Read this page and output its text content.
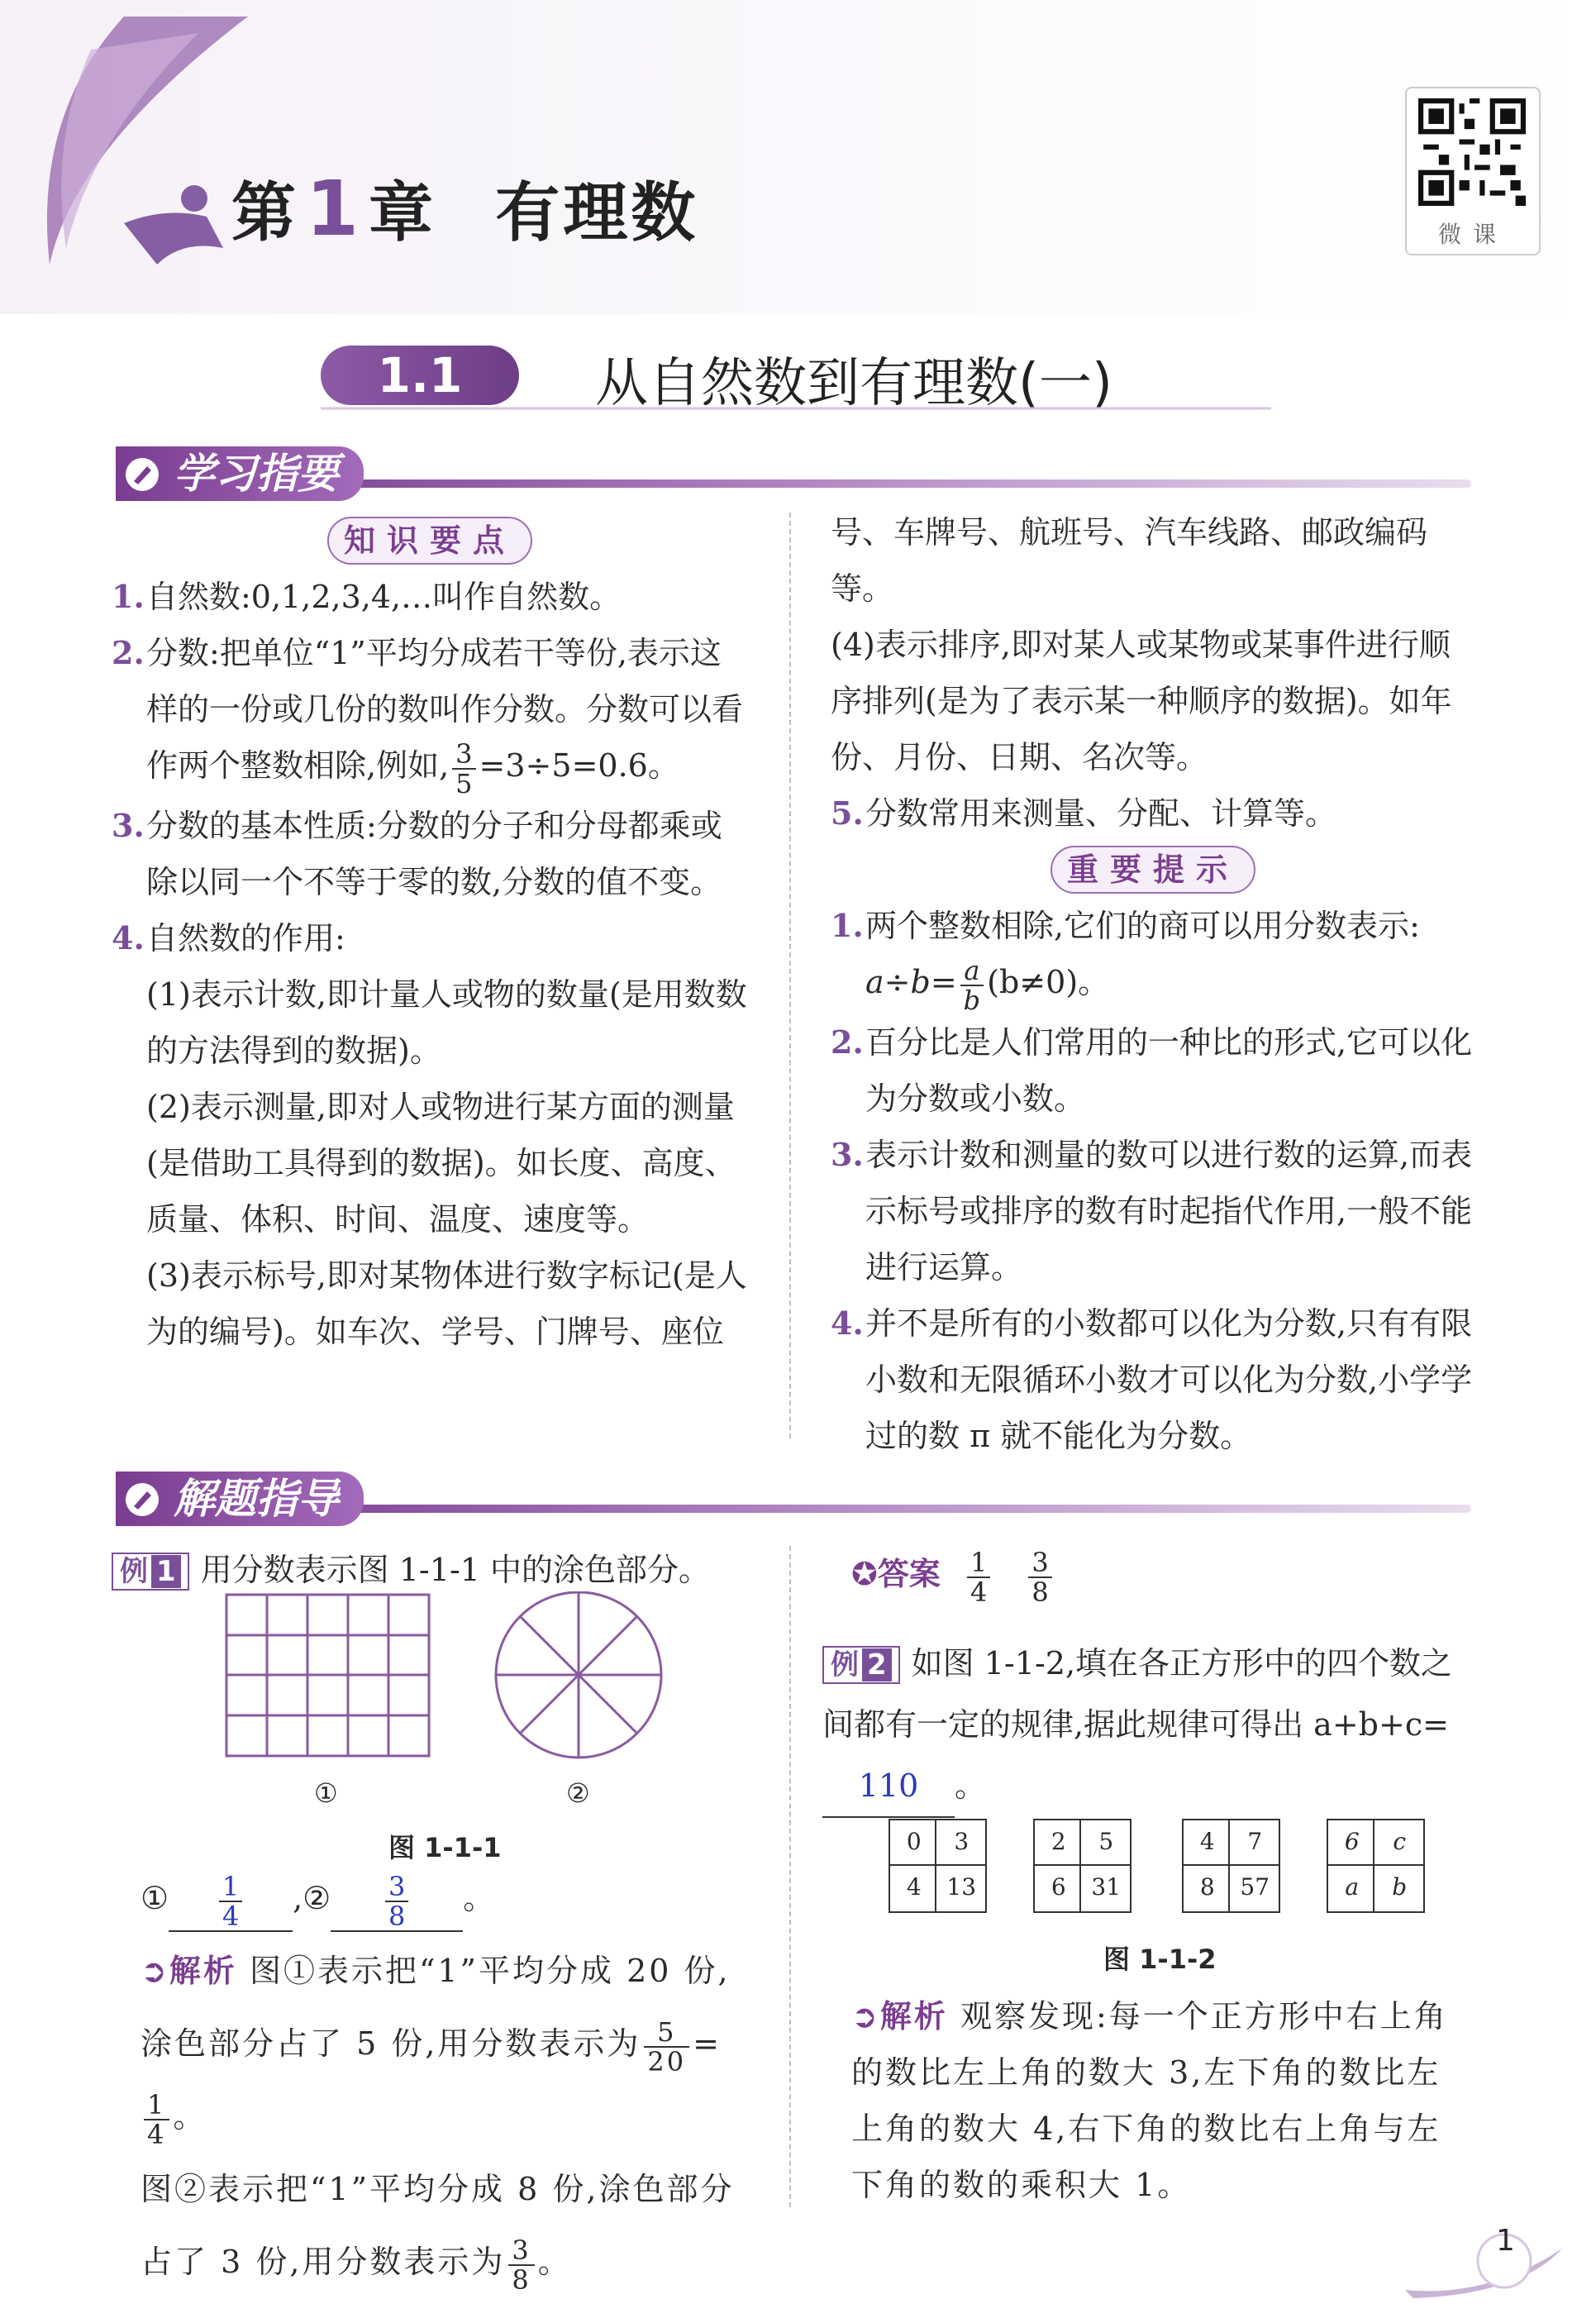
第1 章 有理数	微课
1.1	从自然数到有理数(一)
学习指要
知识要点
1. 自然数:0,1,2,3,4,…叫作自然数。
2. 分数:把单位“1”平均分成若干等份,表示这样的一份或几份的数叫作分数。分数可以看作两个整数相除,例如, $\frac{3}{5} =3\div 5=0.6$。
3. 分数的基本性质:分数的分子和分母都乘或除以同一个不等于零的数,分数的值不变。
4. 自然数的作用:
(1)表示计数,即计量人或物的数量(是用数数的方法得到的数据)。
(2)表示测量,即对人或物进行某方面的测量(是借助工具得到的数据)。如长度、高度、质量、体积、时间、温度、速度等。
(3)表示标号,即对某物体进行数字标记(是人为的编号)。如车次、学号、门牌号、座位
号、车牌号、航班号、汽车线路、邮政编码等。
(4)表示排序,即对某人或某物或某事件进行顺序排列(是为了表示某一种顺序的数据)。如年份、月份、日期、名次等。
5. 分数常用来测量、分配、计算等。
重要提示
1. 两个整数相除,它们的商可以用分数表示:
$a\div b= \frac{a}{b} (b\ne 0)$。
2. 百分比是人们常用的一种比的形式,它可以化为分数或小数。
3. 表示计数和测量的数可以进行数的运算,而表示标号或排序的数有时起指代作用,一般不能进行运算。
4. 并不是所有的小数都可以化为分数,只有有限小数和无限循环小数才可以化为分数,小学学过的数 π 就不能化为分数。
解题指导
例 1 用分数表示图 1-1-1 中的涂色部分。
①	②
图 1-1-1
① $\frac{1}{4}$ ,② $\frac{3}{8}$ 。
➲解析 图①表示把“1”平均分成 20 份,涂色部分占了 5 份,用分数表示为 $\frac{5}{20}$ =
$\frac{1}{4}$ 。
图②表示把“1”平均分成 8 份,涂色部分占了 3 份,用分数表示为 $\frac{3}{8}$ 。
✪答案 $\frac{1}{4}$
$\frac{3}{8}$
例 2 如图 1-1-2,填在各正方形中的四个数之间都有一定的规律,据此规律可得出 a+b+c=110 。
0	3
4	13
2	5
6	31
4	7
8	57
6	c
a	b
图 1-1-2
➲解析 观察发现:每一个正方形中右上角的数比左上角的数大 3,左下角的数比左上角的数大 4,右下角的数比右上角与左下角的数的乘积大 1。
1
